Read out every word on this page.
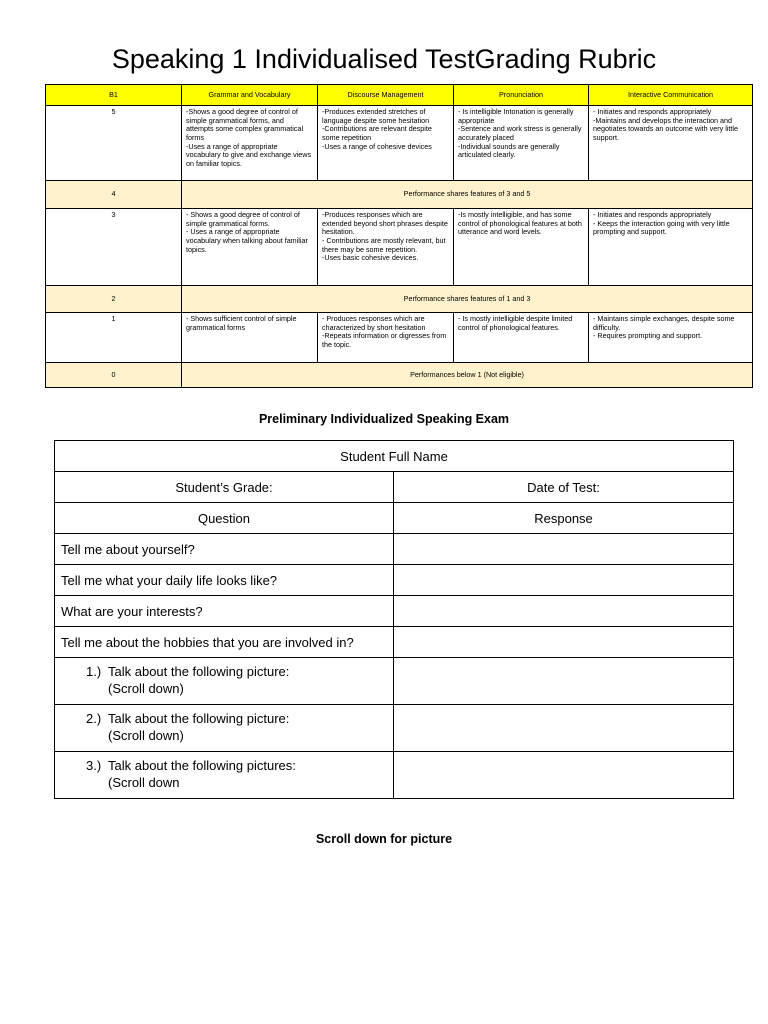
Speaking 1 Individualised TestGrading Rubric
B1	Grammar and Vocabulary	Discourse Management	Pronunciation	Interactive Communication
5	-Shows a good degree of control of simple grammatical forms, and attempts some complex grammatical forms
-Uses a range of appropriate vocabulary to give and exchange views on familiar topics.	-Produces extended stretches of language despite some hesitation
-Contributions are relevant despite some repetition
-Uses a range of cohesive devices	- Is intelligible Intonation is generally appropriate
-Sentence and work stress is generally accurately placed
-Individual sounds are generally articulated clearly.	- Initiates and responds appropriately
-Maintains and develops the interaction and negotiates towards an outcome with very little support.

4	Performance shares features of 3 and 5			
3	- Shows a good degree of control of simple grammatical forms.
- Uses a range of appropriate vocabulary when talking about familiar topics.	-Produces responses which are extended beyond short phrases despite hesitation.
- Contributions are mostly relevant, but there may be some repetition.
-Uses basic cohesive devices.	-Is mostly intelligible, and has some control of phonological features at both utterance and word levels.	- Initiates and responds appropriately
- Keeps the interaction going with very little prompting and support.

2	Performance shares features of 1 and 3			
1	- Shows sufficient control of simple grammatical forms	- Produces responses which are characterized by short hesitation
-Repeats information or digresses from the topic.	- Is mostly intelligible despite limited control of phonological features.	- Maintains simple exchanges, despite some difficulty.
- Requires prompting and support.

0	Performances below 1 (Not eligible)			
Preliminary Individualized Speaking Exam
Student Full Name	
Student’s Grade:	Date of Test:
Question	Response
Tell me about yourself?	
Tell me what your daily life looks like?	
What are your interests?	
Tell me about the hobbies that you are involved in?	

1.) Talk about the following picture:
(Scroll down)	

2.) Talk about the following picture:
(Scroll down)	

3.) Talk about the following pictures:
(Scroll down	

Scroll down for picture
